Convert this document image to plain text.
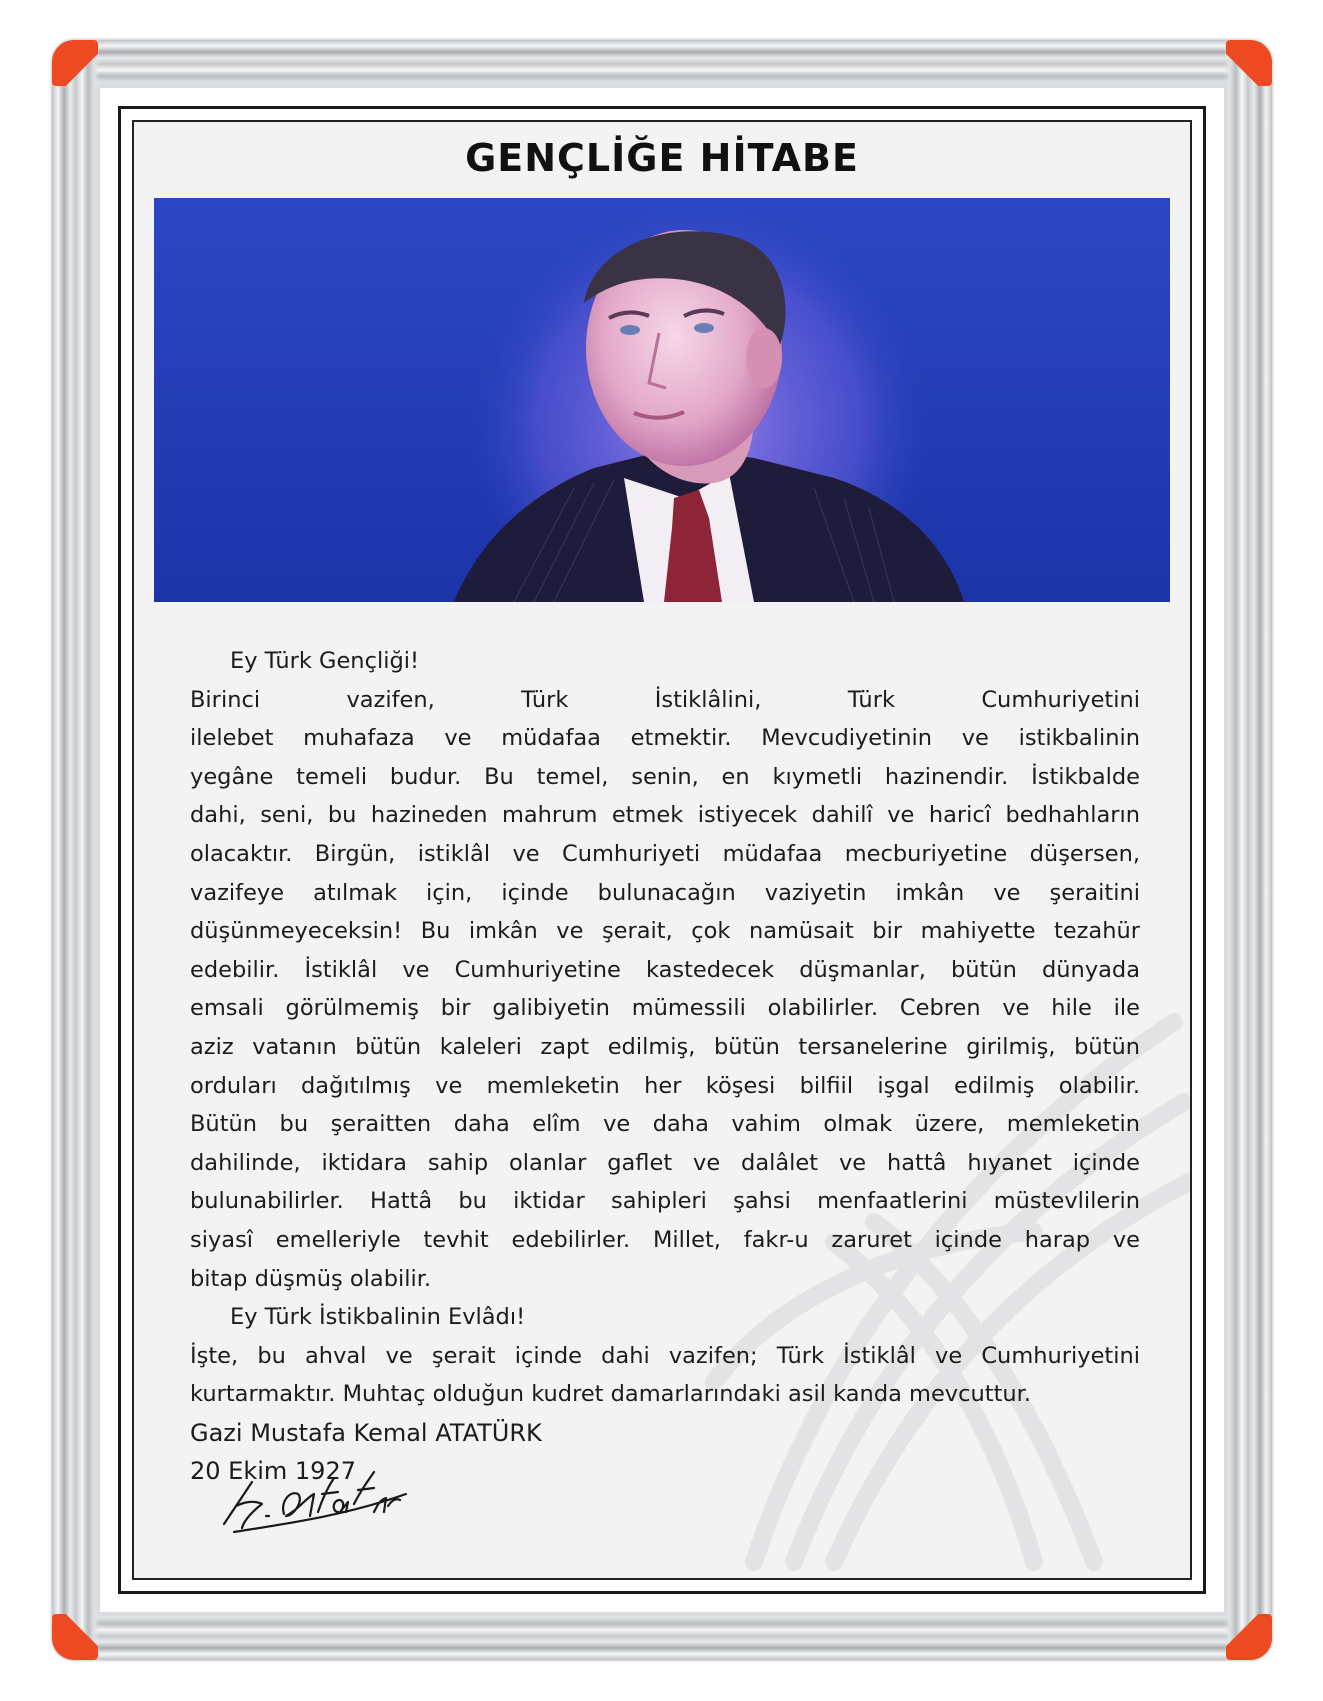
GENÇLİĞE HİTABE
Ey Türk Gençliği!
Birinci vazifen, Türk İstiklâlini, Türk Cumhuriyetini
ilelebet muhafaza ve müdafaa etmektir. Mevcudiyetinin ve istikbalinin
yegâne temeli budur. Bu temel, senin, en kıymetli hazinendir. İstikbalde
dahi, seni, bu hazineden mahrum etmek istiyecek dahilî ve haricî bedhahların
olacaktır. Birgün, istiklâl ve Cumhuriyeti müdafaa mecburiyetine düşersen,
vazifeye atılmak için, içinde bulunacağın vaziyetin imkân ve şeraitini
düşünmeyeceksin! Bu imkân ve şerait, çok namüsait bir mahiyette tezahür
edebilir. İstiklâl ve Cumhuriyetine kastedecek düşmanlar, bütün dünyada
emsali görülmemiş bir galibiyetin mümessili olabilirler. Cebren ve hile ile
aziz vatanın bütün kaleleri zapt edilmiş, bütün tersanelerine girilmiş, bütün
orduları dağıtılmış ve memleketin her köşesi bilfiil işgal edilmiş olabilir.
Bütün bu şeraitten daha elîm ve daha vahim olmak üzere, memleketin
dahilinde, iktidara sahip olanlar gaflet ve dalâlet ve hattâ hıyanet içinde
bulunabilirler. Hattâ bu iktidar sahipleri şahsi menfaatlerini müstevlilerin
siyasî emelleriyle tevhit edebilirler. Millet, fakr-u zaruret içinde harap ve
bitap düşmüş olabilir.
Ey Türk İstikbalinin Evlâdı!
İşte, bu ahval ve şerait içinde dahi vazifen; Türk İstiklâl ve Cumhuriyetini
kurtarmaktır. Muhtaç olduğun kudret damarlarındaki asil kanda mevcuttur.
Gazi Mustafa Kemal ATATÜRK
20 Ekim 1927
